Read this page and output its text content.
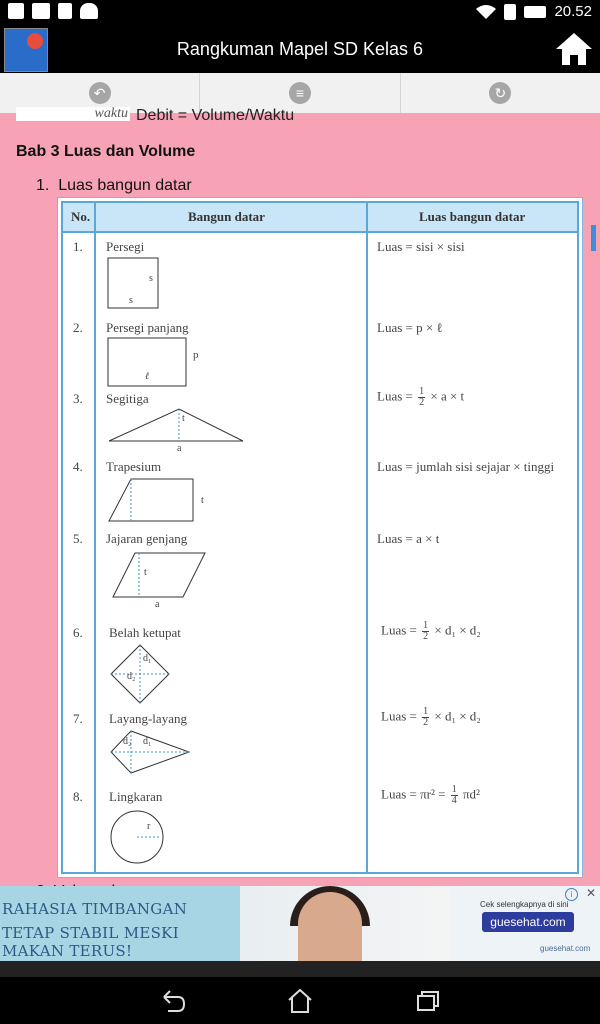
20.52
Rangkuman Mapel SD Kelas 6
↶	≡	↻
waktu Debit = Volume/Waktu
Bab 3 Luas dan Volume
1. Luas bangun datar
No.	Bangun datar	Luas bangun datar
1. Persegi
s
s
Luas = sisi × sisi
2. Persegi panjang
p
ℓ
Luas = p × ℓ
3. Segitiga
t
a
Luas = $\frac{1}{2} \times a \times t$
4. Trapesium
t
Luas = jumlah sisi sejajar × tinggi
5. Jajaran genjang
t
a
Luas = a × t
6. Belah ketupat
d₁
d₂
Luas = $\frac{1}{2} \times d_1 \times d_2$
7. Layang-layang
d₂ d₁
Luas = $\frac{1}{2} \times d_1 \times d_2$
8. Lingkaran
r
Luas = $\pi r^2 = \frac{1}{4} \pi d^2$
RAHASIA TIMBANGAN
TETAP STABIL MESKI MAKAN TERUS!
Cek selengkapnya di sini
guesehat.com
guesehat.com
i	✕
